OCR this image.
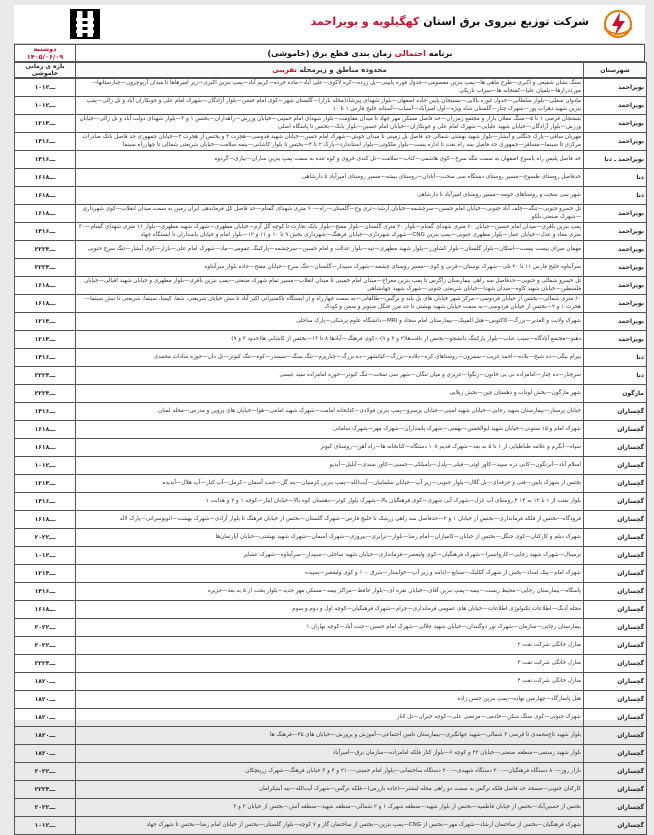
شرکت توزیع نیروی برق استان کهگیلویه و بویراحمد
دوشنبه
۱۴۰۵/۰۶/۰۹	برنامه احتمالی زمان بندی قطع برق (خاموشی)
بازه ی زمانی خاموشی	محدوده مناطق و زیرمحله تقریبی	شهرستان
۱۰ـــ۱۲	سنگ نشان شفیعی و اکبری—طرح ماهی ها—پمپ بنزین معصومی—جدول فوره پایینی—پل زرده—کره لاکوی—علی آباد—ماده خرده—کریم آباد—پمپ بنزین اکبری—زیر امیرهاها تا میدان آرپوچرون—چنارستانها—مورددرازها—بلمیان علیا—کفتخانه ها—سراب تاریکی	بویراحمد
۱۰ـــ۱۲	مادوان سفلی—بلوار سلطانی—جدول غوره بالایی—بستنجان پایین جاده اصفهان—بلوار شهدای پیرشاد(محله بازار)—گلستان شهر—کوی امام حسن—بلوار آزادگان—شهرک امام علی و جونکاران آباد و تل زالی—پمپ بنزین شهید دهراب پور—شهرک چنار—گلستان شاه ویژه—اول امیرآباد—آسیاب—آستانه خلیج فارس ۱ تا ۱۰	بویراحمد
۱۲ـــ۱۴	بستنجان قرصی ۱ تا ۵—سنگ مفلان بازار و مجتمع زمزران—حد فاصل مسکن مهر جهاد تا میدان مقاومت—بلوار شهدای امام خمینی—خیابان ورزش—راهداران—بختس ۱ و ۳—بلوار شهدای دولت آباد و تل زالی—خیابان ورزش—بلوار آزادگان—خیابان شهید علیایی—شهرک امام علی و جونکاران—خیابان امام حسین—بلوار بابک—بختس تا پاسگاه اصلی	بویراحمد
۱۴ـــ۱۶	مهربان ساقی—پارک جنگلی و آبشار—بلوار شهید بهشتی شمالی حد فاصل پل زمینی تا میدان خوش—شهرک امام حسن—خیابان شهید قدوسی—هجرت ۳ و بختس از هجرت ۲—خیابان جمهوری حد فاصل بانک صادرات مرکزی تا سینما—مسافر—جمهوری حد فاصل سه راه نفت تا اداره پست—بلوار ملکوتی—بلوار استاندارد—پارک ۲ تا ۴—بختس تا بلوار کاشانی—بیمه سلامت—خیابان شریعتی شمالی تا چهارراه سینما	بویراحمد
۱۴ـــ۱۶	حد فاصل پلیس راه یاسوج اصفهان به سمت تنگه سرخ—کوی هاشمی—کتاب—سلامت—تل کندی خروی و کوه تنده به سمت پمپ بنزین ساران—بیاری—گردوه	بویراحمد ـ دنا
۱۶ـــ۱۸	حدفاصل روستای طسوج—مسیر روستای دستگاه سی سخت—آبادان—روستای بیشه—مسیر روستای امیرآباد تا دارشاهی	دنا
۱۶ـــ۱۸	شهر سی سخت و روستاهای حومه—مسیر روستای امیرآباد تا دارشاهی	دنا
۱۶ـــ۱۸	تل خسرو جنوبی—تنگه—خلف آباد جنوبی—خیابان امام حسین—سرچشمه—خیابان ارشد—تری وج—گلستان—راه—۶۰ متری شهدای گمنام—حد فاصل کل فرماندهی ایران زمین به سمت میدان انقلاب—کوی شهرداری—شهرک صنعتی بلکو	بویراحمد
۱۴ـــ۱۶	پمپ بنزین باقری—میدان امام حسین—خیابان ۶۰ متری شهدای گمنام—بلوار ۲۰ متری گلستان—بلوار مفتح—بلوار بابک تجارت تا کوچه گل آرم—خیابان مطهری—شهرک شهید مطهری—بلوار ۱۶ متری شهدای گمنام—۳۰ متری معاد و عدل—خیابان عمار—بلوار مطهری جنوبی—پمپ بنزین CNG—شهرک شهرداری—خیابان فرهنگ—شهرداری بخش ۹ تا ۱۰ و ۱۱ و ۱۲—بلوار امام و خیابان پاسداران تا ایستگاه جهاد	بویراحمد
۲۲ـــ۲۴	مهمان سرای بیست بیست—اسکان—بلوار گلستان—بلوار کشاورز—بلوار شهید مطهری—تپه—بلوار عدالت و امام حسین—سرچشمه—پارکینگ عمومی—ماد—شهرک امام علی—بازار—کوی آبشار—تنگ سرخ جنوبی	بویراحمد
۲۲ـــ۲۴	سرآبتاوه خلیج فارس ۱۱ تا ۲۰ تلی—شهرک بوستان—قرنی و کوی—مسیر روستای چشمه—شهرک سپیدار—گلستان—تنگ سرخ—خیابان مفتح—جاده بلوار سرآبتاوه	بویراحمد
۱۶ـــ۱۸	تل خسرو شمالی و جنوبی—حدفاصل سه راهی بیمارستان زاگرس تا پمپ بنزین معراج—میدان امام خمینی تا میدان انقلاب—مسیر تمام شهرک صنعتی—پمپ بنزین باقری—بلوار مطهری و خیابان شهید اقبالی—خیابان فلسطین—خیابان شهید کاوه—میدان شهدا—خیابان شریعتی جنوبی—شهرک شهید جهانشاهی	بویراحمد
۱۶ـــ۱۸	۶۰ متری شمالی—بختس از خیابان فردوسی—مرکز شهر خیابان های پل بلند و نرگس—طالقانی—به سمت چهارراه و از ایستگاه تاکسیرانی اکبر آباد تا نبش خیابان شریعتی، شفا، کیمیا، سینما، شریعتی تا نبش سینما—هجرت ۱ و ۲—بختس از خیابان فردوسی—به سمت خیابان شهید بهشتی تا حد مرز جنگل صنوبر و سمن و کودک	بویراحمد
۱۲ـــ۱۴	شهرک ولایت و الغدیر—بزرگ—کاکتوس—هتل المپیک—بیمارستان امام سجاد و MRI—دانشگاه علوم پزشکی—پارک ساحلی	بویراحمد
۱۲ـــ۱۴	دهنو—مجتمع آبادگاه—سیب عناب—بلوار پارکینگ دانشجو—بختس از بافت‌ها(۲ و ۳ و ۹)—کوی فرهنگ—آبادها ۸ تا ۱۳—بختس از کاشانی ها(حدود ۳ و ۹)	بویراحمد
۱۴ـــ۱۶	بیرام بیگی—ده شیخ—بلاده—احمد غریب—سمرون—روستاهای کره—بلاده—بزرگ—کیانشهر—ده بزرگ—چنارپرم—تنگ سنگ—سمندر—کوه—تنگ کبوتر—تل دان—حوزه سادات محمدی	دنا
۲۲ـــ۲۴	سرچنار—ده چنار—امامزاده بی بی خاتون—زنگوا—عزیزی و میان تنگان—شهر سی سخت—تنگ کبوتر—حوزه امامزاده سید عیسی	دنا
۲۲ـــ۲۴	شهر مارگون—بخش لوداب و دهستان چین—بخش زیلایی	مارگون
۱۴ـــ۱۶	خیابان پرستار—بیمارستان شهید رجایی—خیابان شهید امینی—خیابان پرسرو—پمپ بنزین فولادی—کتابخانه امامت—شهرک شهید امامی—هوا—خیابان های پروین و مدرس—محله لمنان	گچساران
۱۶ـــ۱۸	شهرک امام و ۱۵ ستونی—خیابان شهید ابوالحسن—بهمنی—شهرک پاسداران—شهرک مهر—شهرک سامانی	گچساران
۱۶ـــ۱۸	سپاه—آبگرم و علامه طباطبایی از ۱ تا ۵ به بعد—شهرک قدیم ۱۰۸ دستگاه—کتابخانه ها—راه آهن—روستای کبوتر	گچساران
۱۰ـــ۱۲	اسلام آباد—آبرنگون—کانی دره سپید—کاور اوتی—فیلی—پلدل—بامبلکی—حسنی—کاور سیدی—آبلیل—آبدیو	گچساران
۱۲ـــ۱۴	بختس از شهرک پایین—فنی و حرفه‌ای—پل گلال—بلوار جنوبی—زیر آپ—خیابان سلمانیان—آیت‌الله—پمپ بنزین کرمبیان—بنه گل—جنت آسمان—کرمل—آب کنار—آب هلال—آبدیده	گچساران
۱۴ـــ۱۶	بلوار بعثت از ۱ تا ۱۲ به ۱۴ ۴ روستای آب غزل—شهرک آبی شهری—کوی فرهنگیان بالا—شهرک بلوار کوثر—دهستان کوه بالا—خیابان ایثار—کوچه ۱ و ۳ و هدایت ۱	گچساران
۱۶ـــ۱۸	فرودگاه—بختس از فلکه فرمانداری—بختس از خیابان ۱ و ۲—حدفاصل سه راهی زرشک تا خلیج فارس—شهرک گلستان—بختس از خیابان فرهنگ تا بلوار آزادی—شهرک بهشت—اتوبوسرانی—پارک لاله	گچساران
۲۰ـــ۲۲	شهرک دیلم و کارکنان—کوی جنگل—بختس از خیابان—کامیاران—امام رضا—بلوار—ترابری—پیروزی—شهرک آسمان—شهرک شهید بهشتی—خیابان آپارتمان‌ها	گچساران
۱۰ـــ۱۲	ترمینال—شهرک شهید رجایی—کاروانسرا—شهرک فرهنگیان—کوی ولیعصر—فرمانداری—خیابان شهید ساحلی—سپیدار—سرآبتاوه—شهرک عشایر	گچساران
۱۲ـــ۱۴	شهرک امام—پیک امداد—بخش از شهرک گکلیک—صنایع—ادامه و زیر آپ—خواستار—شرق ۱۰۰ و کوی ولیعصر—سپیده	گچساران
۱۴ـــ۱۶	پاسگاه—بیمارستان رجایی—محیط زیست—بیمه—پمپ بنزین آقای—خیابان نقره ای—بلوار حافظ—مراکز بیمه—مسکن مهر جدید—بلوار بعثت از ۵ به بعد—جزیره	گچساران
۱۶ـــ۱۸	محله آذنگ—اطلاعات تکنولوژی اطلاعات—خیابان های عمومی فرمانداری—چرام—شهرک فرهنگیان—کوچه اول و دوم و سوم	گچساران
۲۰ـــ۲۲	بیمارستان رجایی—سازمان—شهرک نور دوگنبدان—خیابان شهید جلالی—شهرک امام حسین—جنت آباد—کوچه بهاران ۱	گچساران
۲۰ـــ۲۲	منازل خانگی شرکت نفت ۲	گچساران
۲۲ـــ۲۴	منازل خانگی شرکت نفت ۳	گچساران
۱۸ـــ۲۰	منازل خانگی شرکت نفت ۴	گچساران
۱۸ـــ۲۰	هتل پاسارگاد—چهارمین نهاده—پمپ بنزین حسن زاده	گچساران
۱۸ـــ۲۰	شهرک جنوبی—کوی سنگ شکن—خادمی—مرتضی علی—کوچه جیران—تل کنار	گچساران
۱۸ـــ۲۰	بلوار شهید تاج‌محمدی تا قرصی ۳ شمالی—شهید جهانگیری—بیمارستان تامین اجتماعی—آموزش و پرورش—خیابان های ۳۵—فرهنگ ها	گچساران
۱۸ـــ۲۰	بلوار شهید رستمی—منطقه صنعتی—خیابان ۲۳ و کوچه ۶—بلوار کنار فلکه امامزاده—سازمان برق—امیرآباد	گچساران
۲۰ـــ۲۲	بازار روز—۸۰ دستگاه فرهنگیان—۲۰۰ دستگاه شهیدی—۲۰۰ دستگاه ساختمانی—بلوار امام خمینی—۲۱۰ و ۴ و ۳ خیابان فرهنگ—شهرک زرینچکان	گچساران
۲۲ـــ۲۴	کارکنان جنوبی—مسجد حد فاصل فلکه نرگس به سمت دو راهی محله لیشتر—(جاده بازرس)—فلکه نرگس—شهرک آیت‌الله—نیه آبنیکرامان	گچساران
۲۰ـــ۲۲	بختس از حسین‌آباد—بختس از خیابان فاطمیه—بختس از بلوار شهید—منطقه شهرک ۱ و ۲ شمالی—منطقه شهید—منطقه آتش—بختس از خیابان ۲ و ۳	گچساران
۱۰ـــ۱۲	شهرک فرهنگیان—بختس از ساختمان ارشاد—شهرک مهر—بختس از CNG—پمپ بنزین—بختس از ساختمان گاز و ۷ کوچه—بلوار گلستان—بختس از خیابان امام رضا—بختس تا شهرک جهاد	گچساران
